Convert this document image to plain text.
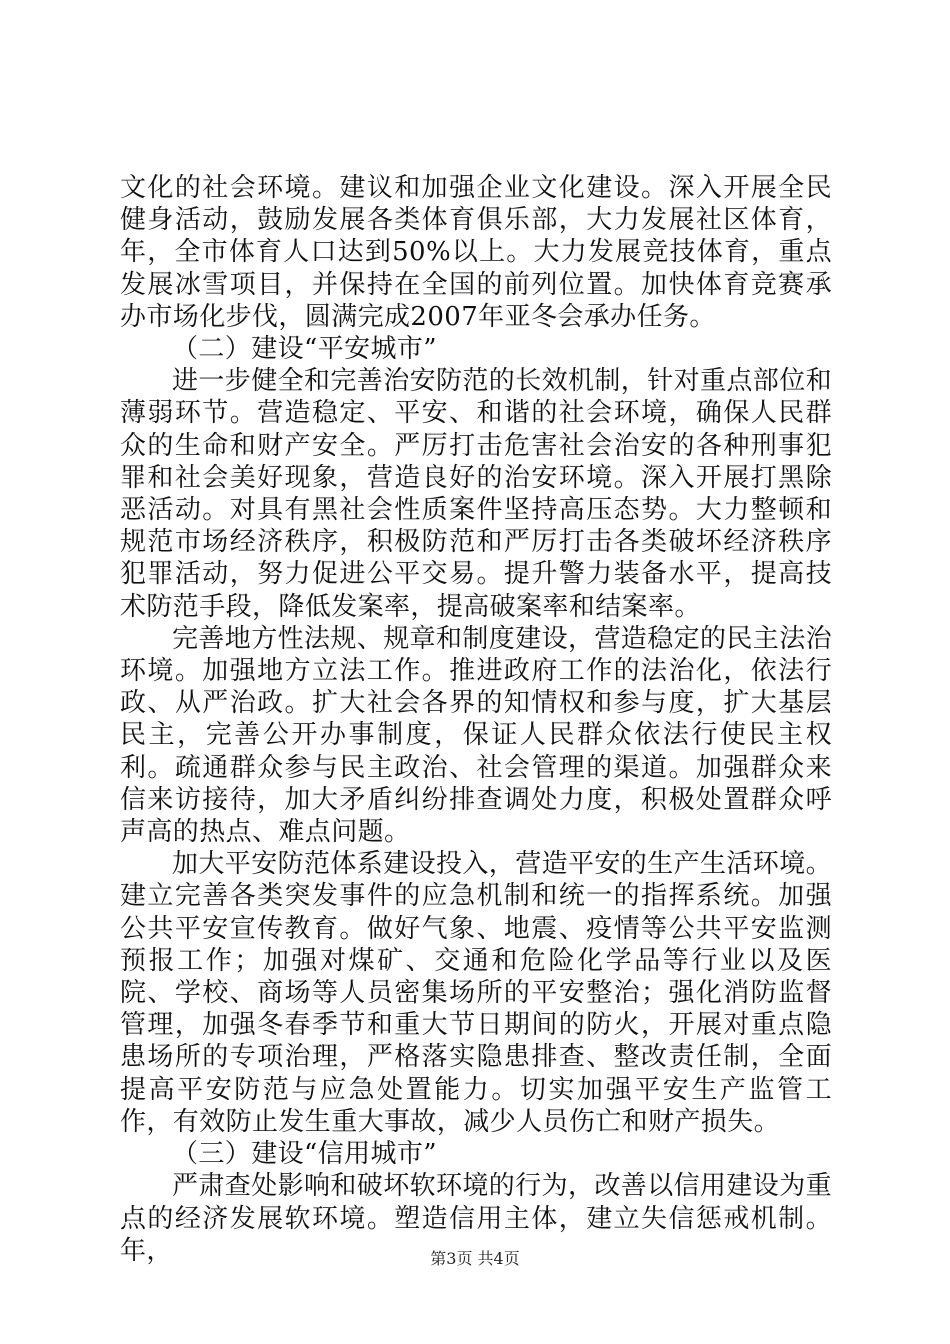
文化的社会环境。建议和加强企业文化建设。深入开展全民健身活动，鼓励发展各类体育俱乐部，大力发展社区体育，年，全市体育人口达到50%以上。大力发展竞技体育，重点发展冰雪项目，并保持在全国的前列位置。加快体育竞赛承办市场化步伐，圆满完成2007年亚冬会承办任务。

（二）建设“平安城市”

进一步健全和完善治安防范的长效机制，针对重点部位和薄弱环节。营造稳定、平安、和谐的社会环境，确保人民群众的生命和财产安全。严厉打击危害社会治安的各种刑事犯罪和社会美好现象，营造良好的治安环境。深入开展打黑除恶活动。对具有黑社会性质案件坚持高压态势。大力整顿和规范市场经济秩序，积极防范和严厉打击各类破坏经济秩序犯罪活动，努力促进公平交易。提升警力装备水平，提高技术防范手段，降低发案率，提高破案率和结案率。

完善地方性法规、规章和制度建设，营造稳定的民主法治环境。加强地方立法工作。推进政府工作的法治化，依法行政、从严治政。扩大社会各界的知情权和参与度，扩大基层民主，完善公开办事制度，保证人民群众依法行使民主权利。疏通群众参与民主政治、社会管理的渠道。加强群众来信来访接待，加大矛盾纠纷排查调处力度，积极处置群众呼声高的热点、难点问题。

加大平安防范体系建设投入，营造平安的生产生活环境。建立完善各类突发事件的应急机制和统一的指挥系统。加强公共平安宣传教育。做好气象、地震、疫情等公共平安监测预报工作；加强对煤矿、交通和危险化学品等行业以及医院、学校、商场等人员密集场所的平安整治；强化消防监督管理，加强冬春季节和重大节日期间的防火，开展对重点隐患场所的专项治理，严格落实隐患排查、整改责任制，全面提高平安防范与应急处置能力。切实加强平安生产监管工作，有效防止发生重大事故，减少人员伤亡和财产损失。

（三）建设“信用城市”

严肃查处影响和破坏软环境的行为，改善以信用建设为重点的经济发展软环境。塑造信用主体，建立失信惩戒机制。年，	第3页 共4页
